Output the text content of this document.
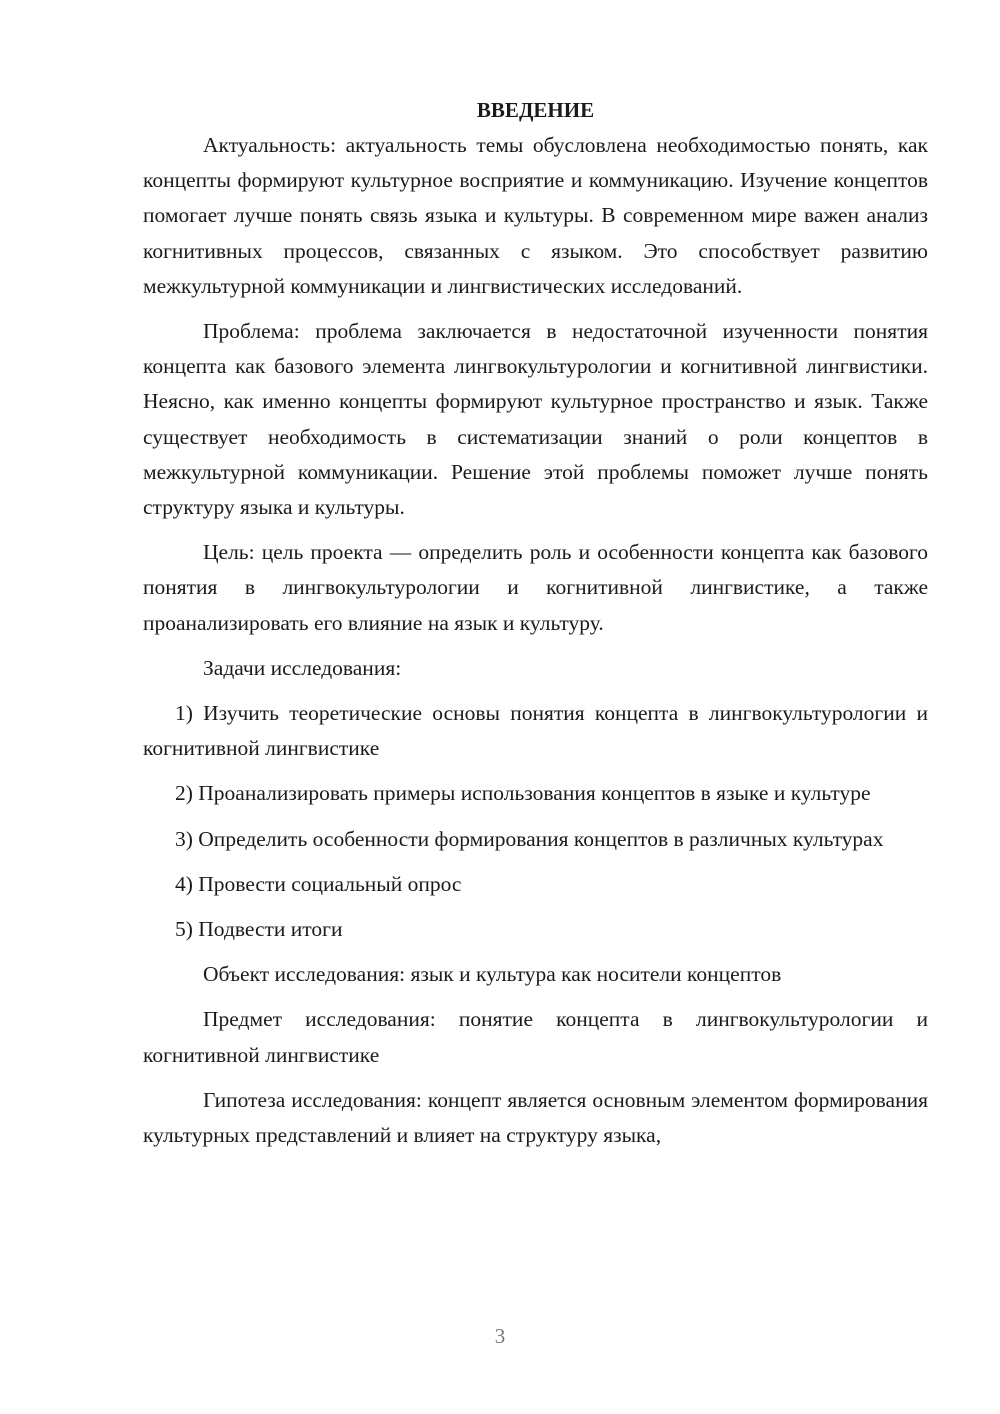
ВВЕДЕНИЕ

Актуальность: актуальность темы обусловлена необходимостью понять, как концепты формируют культурное восприятие и коммуникацию. Изучение концептов помогает лучше понять связь языка и культуры. В современном мире важен анализ когнитивных процессов, связанных с языком. Это способствует развитию межкультурной коммуникации и лингвистических исследований.

Проблема: проблема заключается в недостаточной изученности понятия концепта как базового элемента лингвокультурологии и когнитивной лингвистики. Неясно, как именно концепты формируют культурное пространство и язык. Также существует необходимость в систематизации знаний о роли концептов в межкультурной коммуникации. Решение этой проблемы поможет лучше понять структуру языка и культуры.

Цель: цель проекта — определить роль и особенности концепта как базового понятия в лингвокультурологии и когнитивной лингвистике, а также проанализировать его влияние на язык и культуру.

Задачи исследования:

1) Изучить теоретические основы понятия концепта в лингвокультурологии и когнитивной лингвистике

2) Проанализировать примеры использования концептов в языке и культуре

3) Определить особенности формирования концептов в различных культурах

4) Провести социальный опрос

5) Подвести итоги

Объект исследования: язык и культура как носители концептов

Предмет исследования: понятие концепта в лингвокультурологии и когнитивной лингвистике

Гипотеза исследования: концепт является основным элементом формирования культурных представлений и влияет на структуру языка,

3
